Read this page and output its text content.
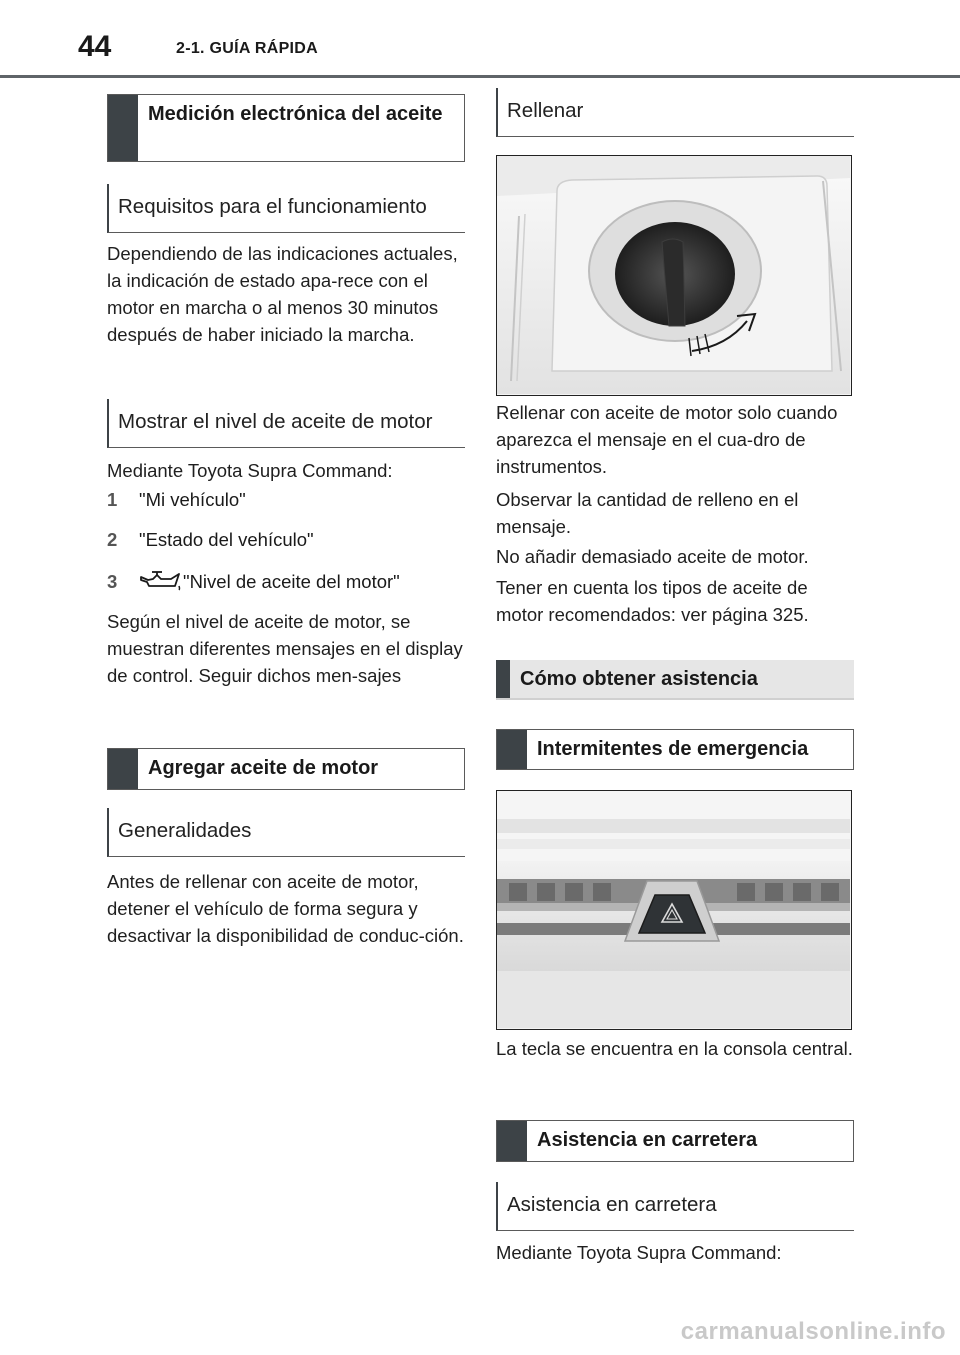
44	2-1. GUÍA RÁPIDA
Medición electrónica del aceite
Requisitos para el funcionamiento

Dependiendo de las indicaciones actuales, la indicación de estado apa-rece con el motor en marcha o al menos 30 minutos después de haber iniciado la marcha.

Mostrar el nivel de aceite de motor

Mediante Toyota Supra Command:

1	"Mi vehículo"
2	"Estado del vehículo"
3	"Nivel de aceite del motor"

Según el nivel de aceite de motor, se muestran diferentes mensajes en el display de control. Seguir dichos men-sajes

Agregar aceite de motor
Generalidades

Antes de rellenar con aceite de motor, detener el vehículo de forma segura y desactivar la disponibilidad de conduc-ción.

Rellenar

Rellenar con aceite de motor solo cuando aparezca el mensaje en el cua-dro de instrumentos.

Observar la cantidad de relleno en el mensaje.

No añadir demasiado aceite de motor.

Tener en cuenta los tipos de aceite de motor recomendados: ver página 325.

Cómo obtener asistencia
Intermitentes de emergencia

La tecla se encuentra en la consola central.

Asistencia en carretera
Asistencia en carretera

Mediante Toyota Supra Command:

carmanualsonline.info
